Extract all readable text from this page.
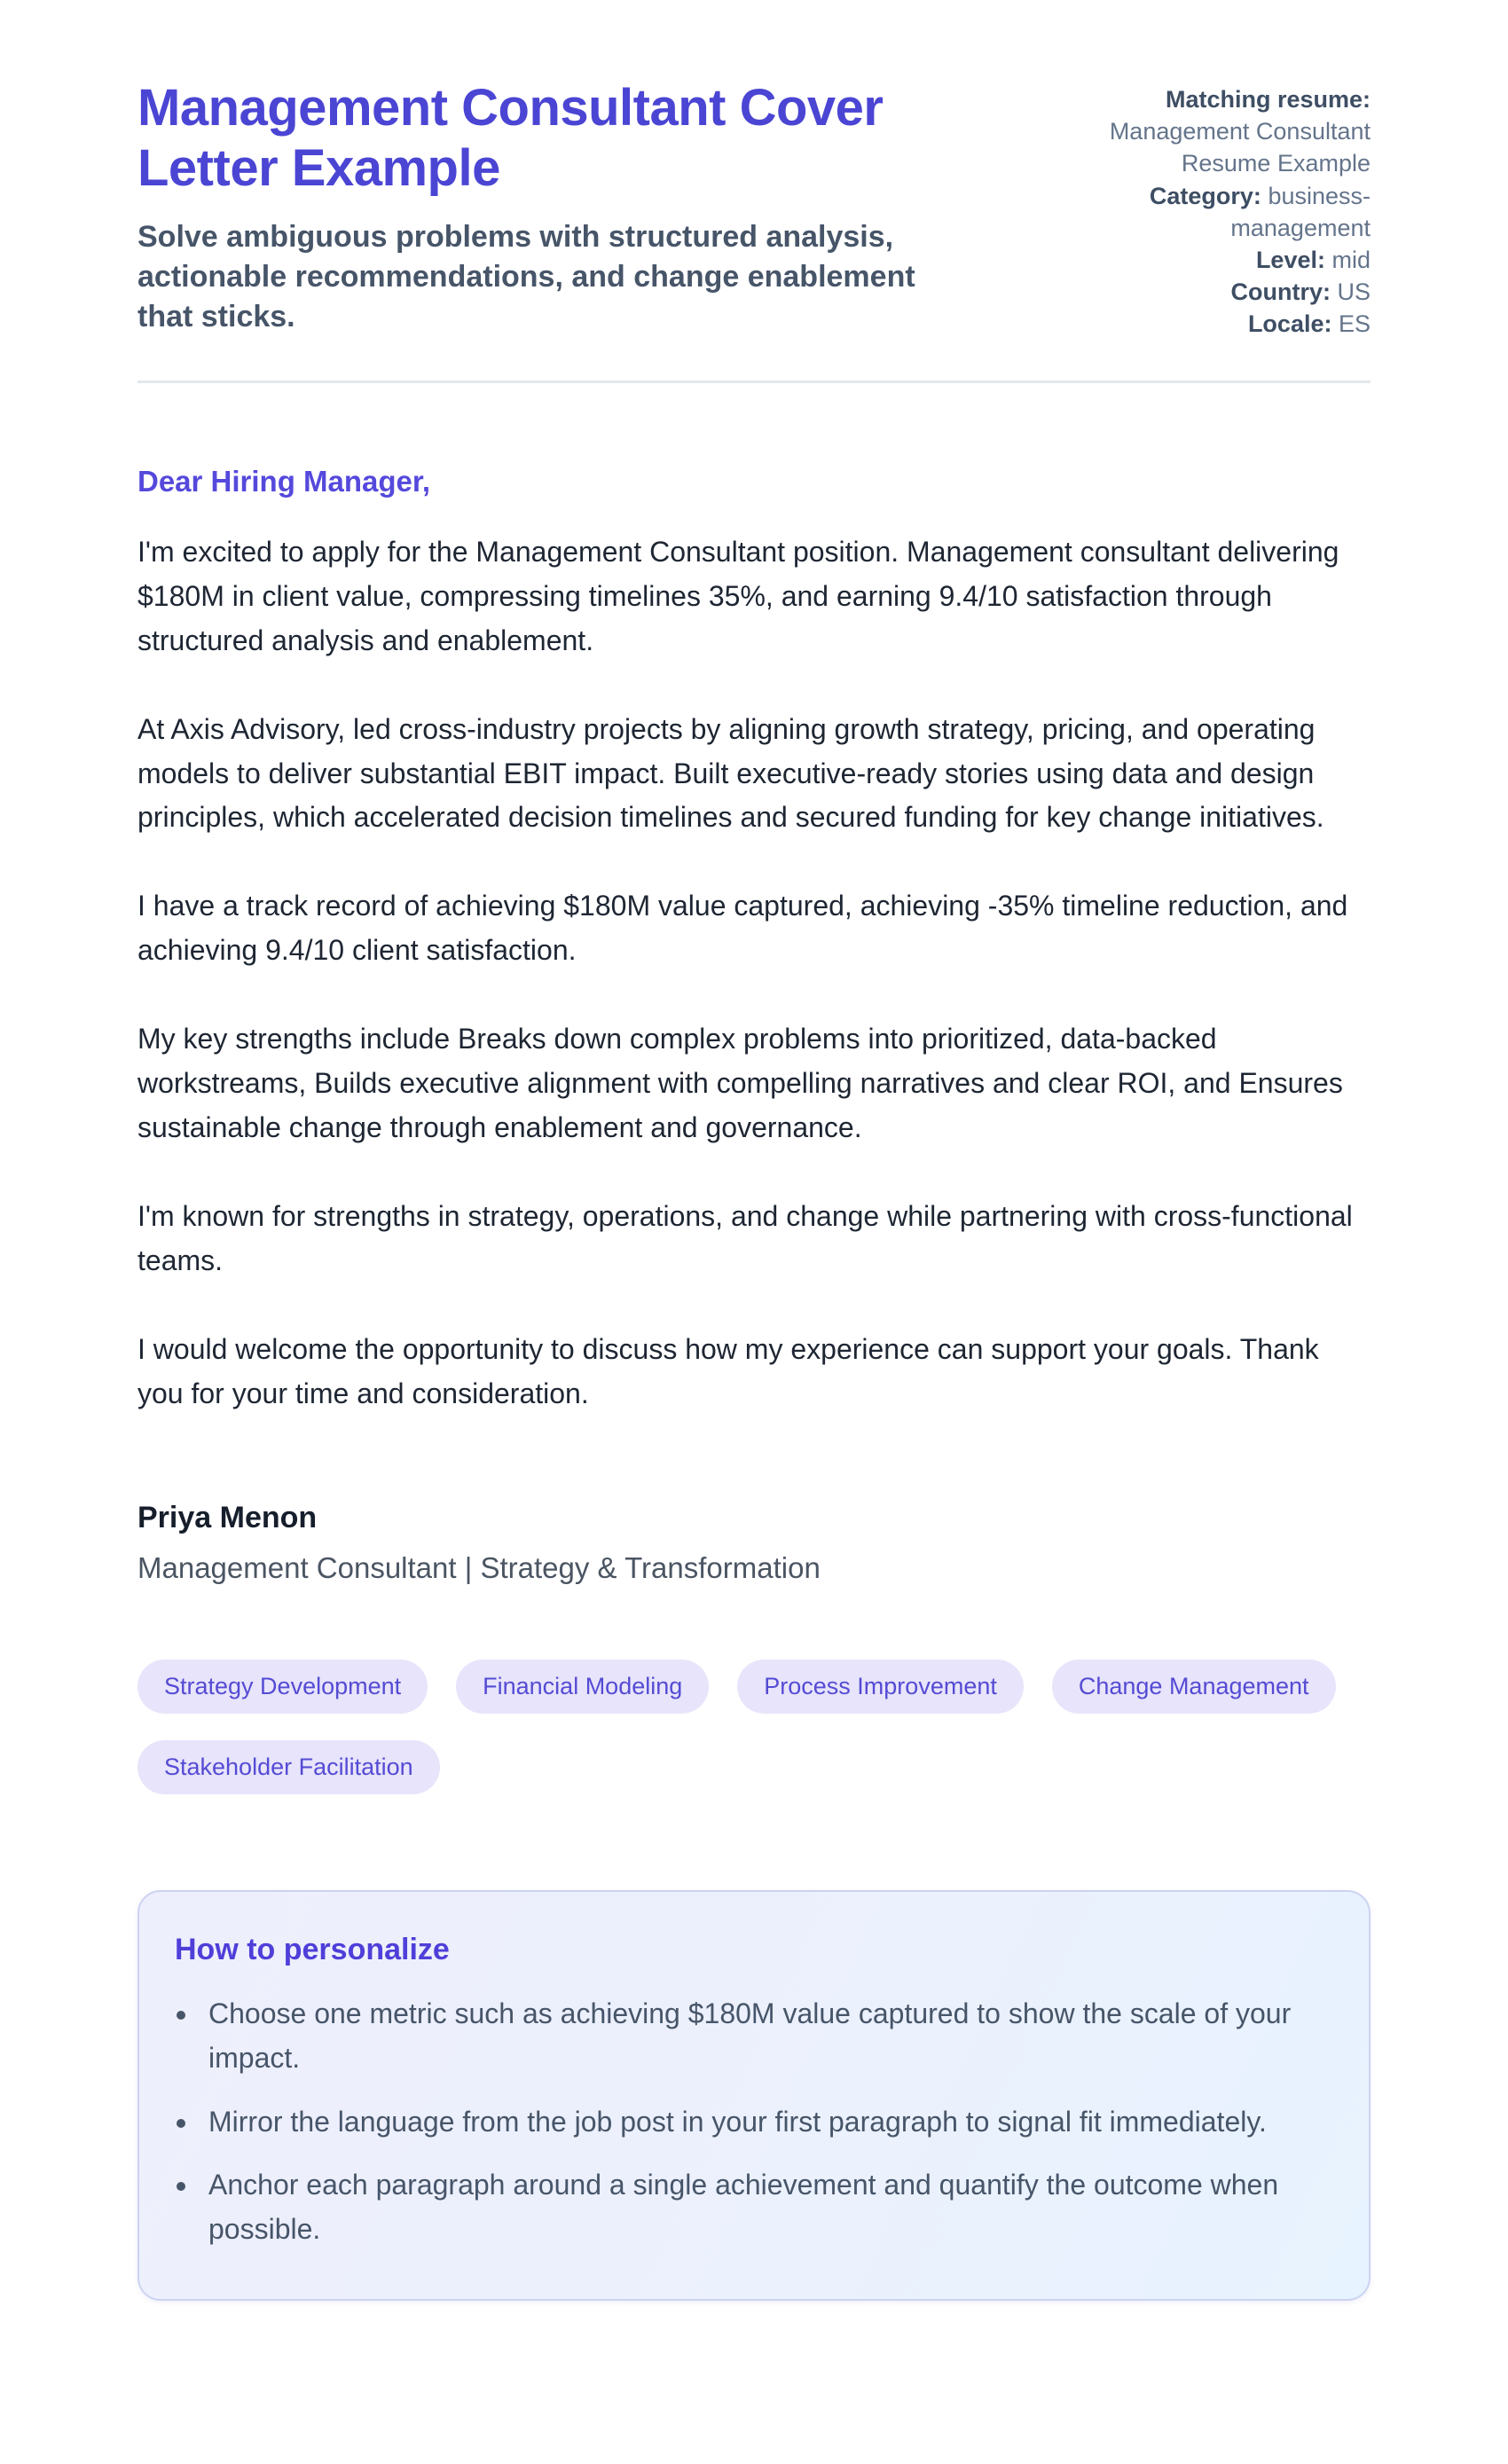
Management Consultant Cover Letter Example

Solve ambiguous problems with structured analysis, actionable recommendations, and change enablement that sticks.

Matching resume: Management Consultant Resume Example
Category: business-management
Level: mid
Country: US
Locale: ES
Dear Hiring Manager,

I'm excited to apply for the Management Consultant position. Management consultant delivering $180M in client value, compressing timelines 35%, and earning 9.4/10 satisfaction through structured analysis and enablement.

At Axis Advisory, led cross-industry projects by aligning growth strategy, pricing, and operating models to deliver substantial EBIT impact. Built executive-ready stories using data and design principles, which accelerated decision timelines and secured funding for key change initiatives.

I have a track record of achieving $180M value captured, achieving -35% timeline reduction, and achieving 9.4/10 client satisfaction.

My key strengths include Breaks down complex problems into prioritized, data-backed workstreams, Builds executive alignment with compelling narratives and clear ROI, and Ensures sustainable change through enablement and governance.

I'm known for strengths in strategy, operations, and change while partnering with cross-functional teams.

I would welcome the opportunity to discuss how my experience can support your goals. Thank you for your time and consideration.

Priya Menon
Management Consultant | Strategy & Transformation
Strategy Development	Financial Modeling	Process Improvement	Change Management
Stakeholder Facilitation
How to personalize
• Choose one metric such as achieving $180M value captured to show the scale of your impact.
• Mirror the language from the job post in your first paragraph to signal fit immediately.
• Anchor each paragraph around a single achievement and quantify the outcome when possible.
